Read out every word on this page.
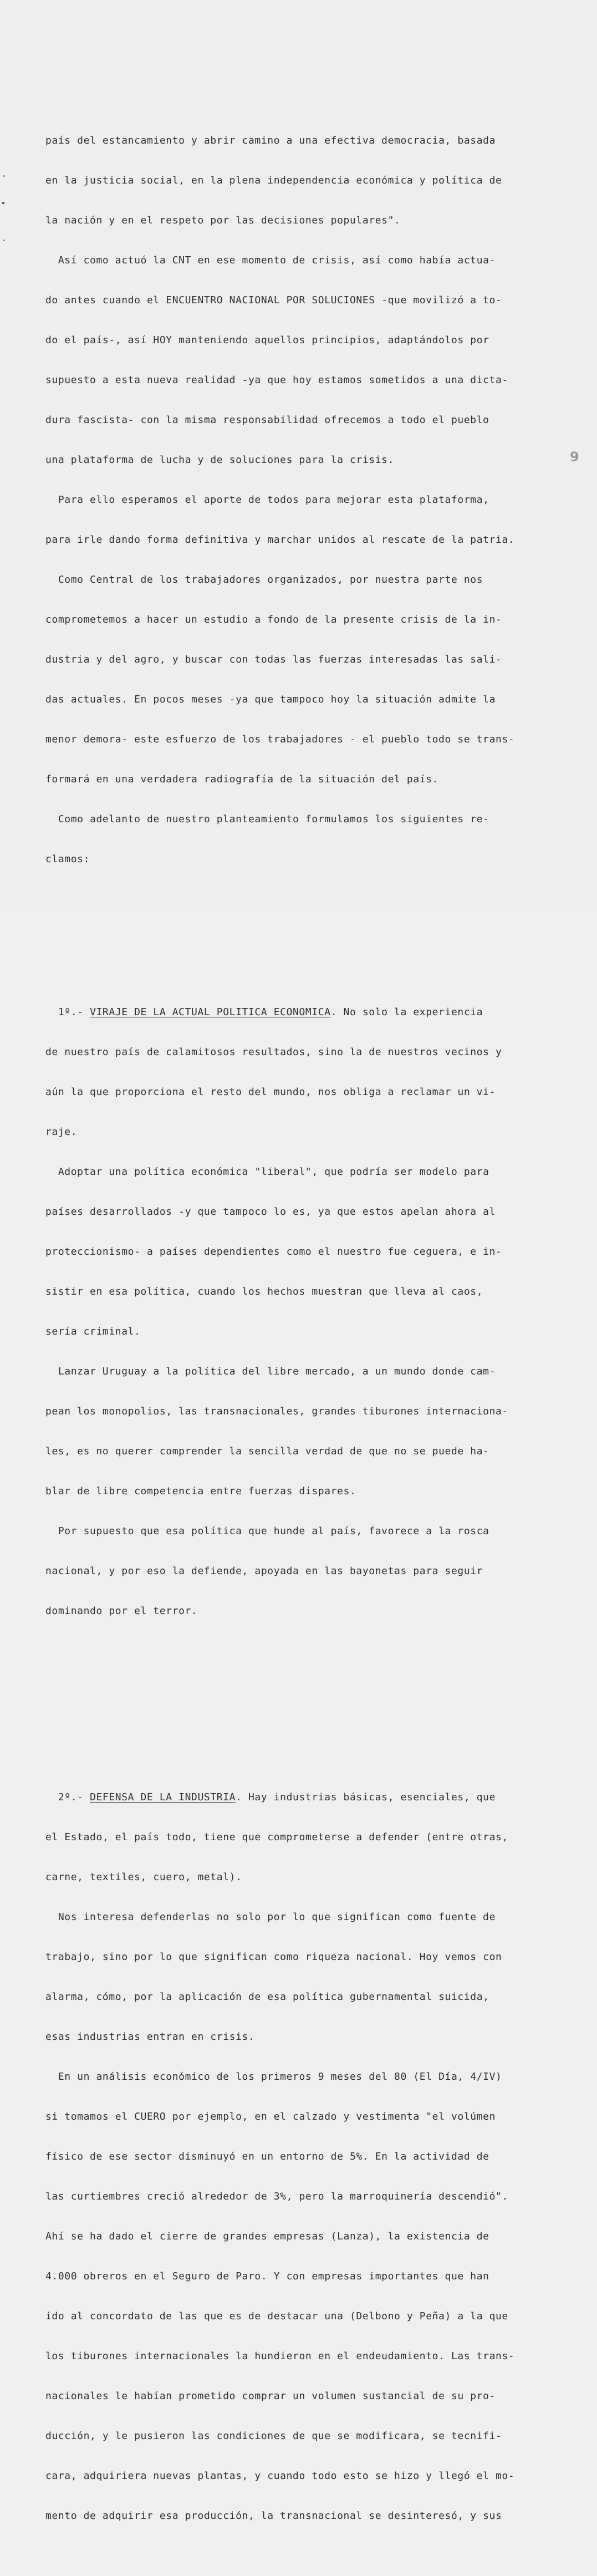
país del estancamiento y abrir camino a una efectiva democracia, basada

en la justicia social, en la plena independencia económica y política de

la nación y en el respeto por las decisiones populares".

Así como actuó la CNT en ese momento de crisis, así como había actua-

do antes cuando el ENCUENTRO NACIONAL POR SOLUCIONES -que movilizó a to-

do el país-, así HOY manteniendo aquellos principios, adaptándolos por

supuesto a esta nueva realidad -ya que hoy estamos sometidos a una dicta-

dura fascista- con la misma responsabilidad ofrecemos a todo el pueblo

una plataforma de lucha y de soluciones para la crisis.

Para ello esperamos el aporte de todos para mejorar esta plataforma,

para irle dando forma definitiva y marchar unidos al rescate de la patria.

Como Central de los trabajadores organizados, por nuestra parte nos

comprometemos a hacer un estudio a fondo de la presente crisis de la in-

dustria y del agro, y buscar con todas las fuerzas interesadas las sali-

das actuales. En pocos meses -ya que tampoco hoy la situación admite la

menor demora- este esfuerzo de los trabajadores - el pueblo todo se trans-

formará en una verdadera radiografía de la situación del país.

Como adelanto de nuestro planteamiento formulamos los siguientes re-

clamos:

1º.- VIRAJE DE LA ACTUAL POLITICA ECONOMICA. No solo la experiencia

de nuestro país de calamitosos resultados, sino la de nuestros vecinos y

aún la que proporciona el resto del mundo, nos obliga a reclamar un vi-

raje.

Adoptar una política económica "liberal", que podría ser modelo para

países desarrollados -y que tampoco lo es, ya que estos apelan ahora al

proteccionismo- a países dependientes como el nuestro fue ceguera, e in-

sistir en esa política, cuando los hechos muestran que lleva al caos,

sería criminal.

Lanzar Uruguay a la política del libre mercado, a un mundo donde cam-

pean los monopolios, las transnacionales, grandes tiburones internaciona-

les, es no querer comprender la sencilla verdad de que no se puede ha-

blar de libre competencia entre fuerzas dispares.

Por supuesto que esa política que hunde al país, favorece a la rosca

nacional, y por eso la defiende, apoyada en las bayonetas para seguir

dominando por el terror.

2º.- DEFENSA DE LA INDUSTRIA. Hay industrias básicas, esenciales, que

el Estado, el país todo, tiene que comprometerse a defender (entre otras,

carne, textiles, cuero, metal).

Nos interesa defenderlas no solo por lo que significan como fuente de

trabajo, sino por lo que significan como riqueza nacional. Hoy vemos con

alarma, cómo, por la aplicación de esa política gubernamental suicida,

esas industrias entran en crisis.

En un análisis económico de los primeros 9 meses del 80 (El Día, 4/IV)

si tomamos el CUERO por ejemplo, en el calzado y vestimenta "el volúmen

físico de ese sector disminuyó en un entorno de 5%. En la actividad de

las curtiembres creció alrededor de 3%, pero la marroquinería descendió".

Ahí se ha dado el cierre de grandes empresas (Lanza), la existencia de

4.000 obreros en el Seguro de Paro. Y con empresas importantes que han

ido al concordato de las que es de destacar una (Delbono y Peña) a la que

los tiburones internacionales la hundieron en el endeudamiento. Las trans-

nacionales le habían prometido comprar un volumen sustancial de su pro-

ducción, y le pusieron las condiciones de que se modificara, se tecnifi-

cara, adquiriera nuevas plantas, y cuando todo esto se hizo y llegó el mo-

mento de adquirir esa producción, la transnacional se desinteresó, y sus

9
